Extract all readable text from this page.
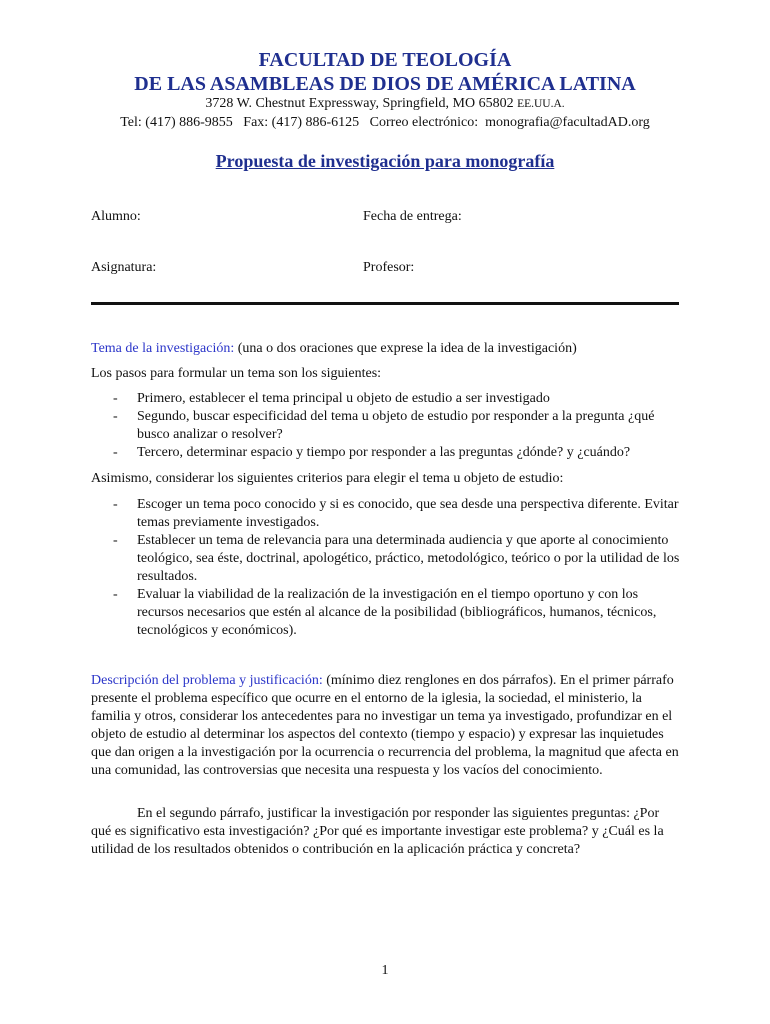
FACULTAD DE TEOLOGÍA
DE LAS ASAMBLEAS DE DIOS DE AMÉRICA LATINA
3728 W. Chestnut Expressway, Springfield, MO 65802 EE.UU.A.
Tel: (417) 886-9855   Fax: (417) 886-6125   Correo electrónico:  monografia@facultadAD.org
Propuesta de investigación para monografía
Alumno:	Fecha de entrega:
Asignatura:	Profesor:
Tema de la investigación: (una o dos oraciones que exprese la idea de la investigación)
Los pasos para formular un tema son los siguientes:
- Primero, establecer el tema principal u objeto de estudio a ser investigado
- Segundo, buscar especificidad del tema u objeto de estudio por responder a la pregunta ¿qué busco analizar o resolver?
- Tercero, determinar espacio y tiempo por responder a las preguntas ¿dónde? y ¿cuándo?
Asimismo, considerar los siguientes criterios para elegir el tema u objeto de estudio:
- Escoger un tema poco conocido y si es conocido, que sea desde una perspectiva diferente. Evitar temas previamente investigados.
- Establecer un tema de relevancia para una determinada audiencia y que aporte al conocimiento teológico, sea éste, doctrinal, apologético, práctico, metodológico, teórico o por la utilidad de los resultados.
- Evaluar la viabilidad de la realización de la investigación en el tiempo oportuno y con los recursos necesarios que estén al alcance de la posibilidad (bibliográficos, humanos, técnicos, tecnológicos y económicos).
Descripción del problema y justificación: (mínimo diez renglones en dos párrafos). En el primer párrafo presente el problema específico que ocurre en el entorno de la iglesia, la sociedad, el ministerio, la familia y otros, considerar los antecedentes para no investigar un tema ya investigado, profundizar en el objeto de estudio al determinar los aspectos del contexto (tiempo y espacio) y expresar las inquietudes que dan origen a la investigación por la ocurrencia o recurrencia del problema, la magnitud que afecta en una comunidad, las controversias que necesita una respuesta y los vacíos del conocimiento.
En el segundo párrafo, justificar la investigación por responder las siguientes preguntas: ¿Por qué es significativo esta investigación? ¿Por qué es importante investigar este problema? y ¿Cuál es la utilidad de los resultados obtenidos o contribución en la aplicación práctica y concreta?
1
